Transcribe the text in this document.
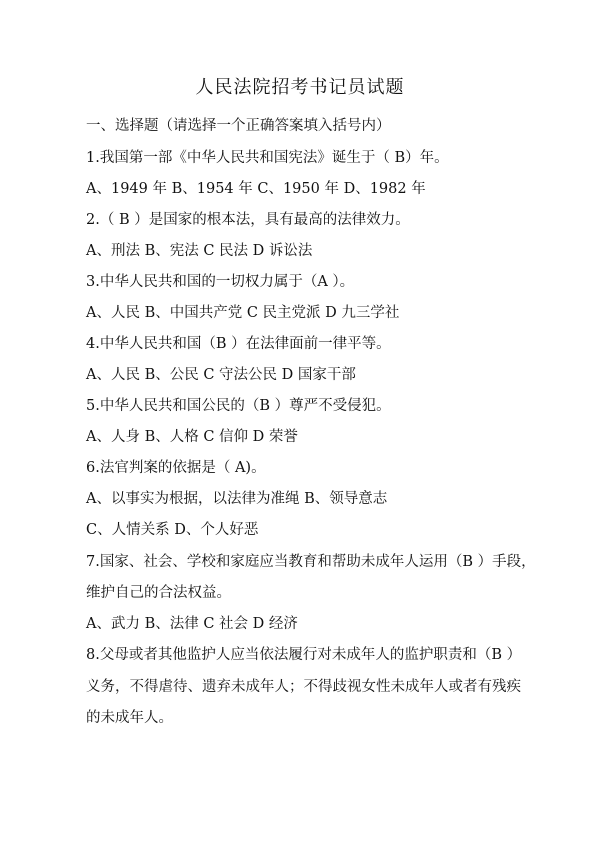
人民法院招考书记员试题
一、选择题（请选择一个正确答案填入括号内）
1.我国第一部《中华人民共和国宪法》诞生于（ B）年。
A、1949 年 B、1954 年 C、1950 年 D、1982 年
2.（ B ）是国家的根本法，具有最高的法律效力。
A、刑法 B、宪法 C 民法 D 诉讼法
3.中华人民共和国的一切权力属于（A ）。
A、人民 B、中国共产党 C 民主党派 D 九三学社
4.中华人民共和国（B ）在法律面前一律平等。
A、人民 B、公民 C 守法公民 D 国家干部
5.中华人民共和国公民的（B ）尊严不受侵犯。
A、人身 B、人格 C 信仰 D 荣誉
6.法官判案的依据是（ A)。
A、以事实为根据，以法律为准绳 B、领导意志
C、人情关系 D、个人好恶
7.国家、社会、学校和家庭应当教育和帮助未成年人运用（B ）手段，
维护自己的合法权益。
A、武力 B、法律 C 社会 D 经济
8.父母或者其他监护人应当依法履行对未成年人的监护职责和（B ）
义务，不得虐待、遗弃未成年人；不得歧视女性未成年人或者有残疾
的未成年人。
